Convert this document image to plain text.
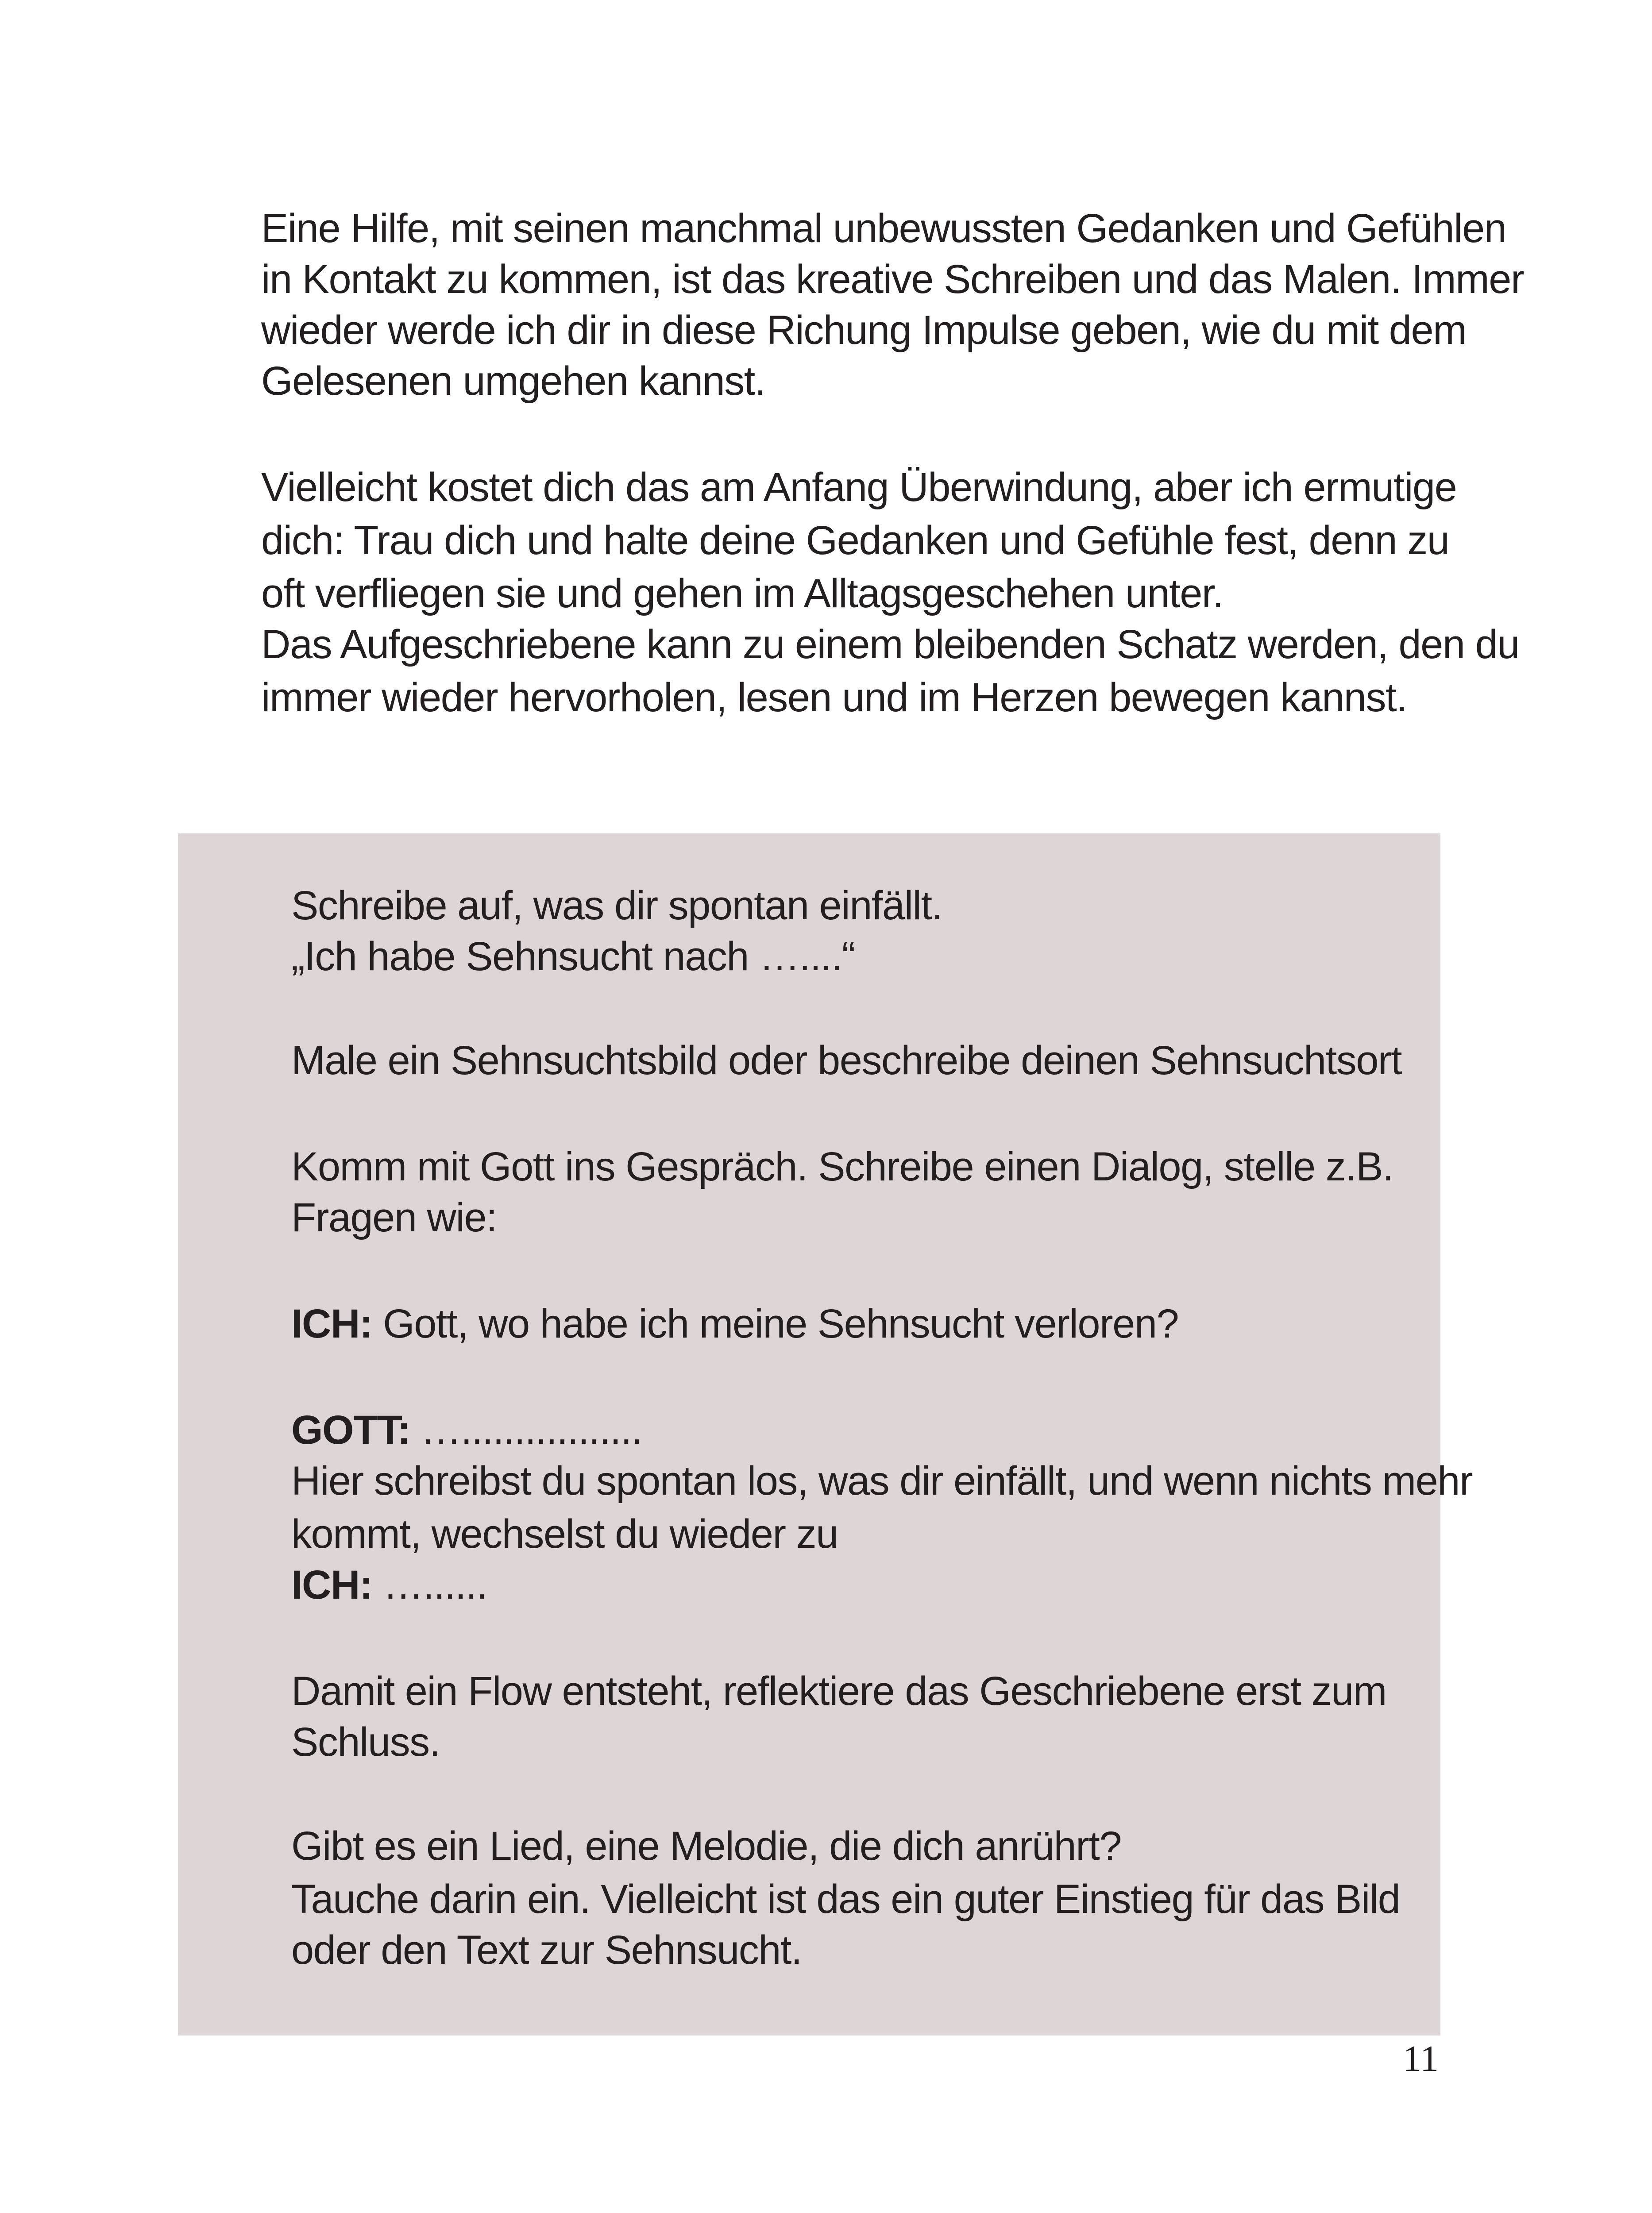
Eine Hilfe, mit seinen manchmal unbewussten Gedanken und Gefühlen
in Kontakt zu kommen, ist das kreative Schreiben und das Malen. Immer
wieder werde ich dir in diese Richung Impulse geben, wie du mit dem
Gelesenen umgehen kannst.
Vielleicht kostet dich das am Anfang Überwindung, aber ich ermutige
dich: Trau dich und halte deine Gedanken und Gefühle fest, denn zu
oft verfliegen sie und gehen im Alltagsgeschehen unter.
Das Aufgeschriebene kann zu einem bleibenden Schatz werden, den du
immer wieder hervorholen, lesen und im Herzen bewegen kannst.
Schreibe auf, was dir spontan einfällt.
„Ich habe Sehnsucht nach …....“
Male ein Sehnsuchtsbild oder beschreibe deinen Sehnsuchtsort
Komm mit Gott ins Gespräch. Schreibe einen Dialog, stelle z.B.
Fragen wie:
ICH: Gott, wo habe ich meine Sehnsucht verloren?
GOTT: ….................
Hier schreibst du spontan los, was dir einfällt, und wenn nichts mehr
kommt, wechselst du wieder zu
ICH: …......
Damit ein Flow entsteht, reflektiere das Geschriebene erst zum
Schluss.
Gibt es ein Lied, eine Melodie, die dich anrührt?
Tauche darin ein. Vielleicht ist das ein guter Einstieg für das Bild
oder den Text zur Sehnsucht.
11
